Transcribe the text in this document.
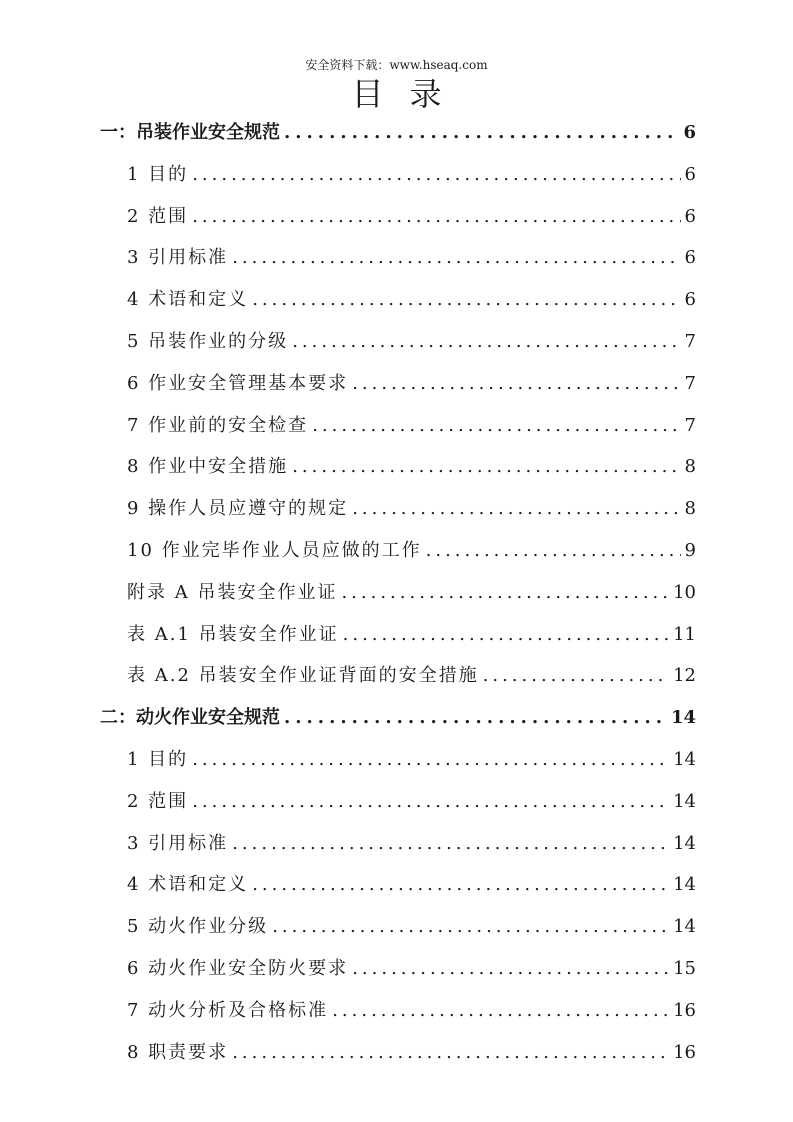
安全资料下载：www.hseaq.com
目录
一：吊装作业安全规范 .....	6
1 目的 .....	6
2 范围 .....	6
3 引用标准 .....	6
4 术语和定义 .....	6
5 吊装作业的分级 .....	7
6 作业安全管理基本要求 .....	7
7 作业前的安全检查 .....	7
8 作业中安全措施 .....	8
9 操作人员应遵守的规定 .....	8
10 作业完毕作业人员应做的工作 .....	9
附录 A 吊装安全作业证 .....	10
表 A.1 吊装安全作业证 .....	11
表 A.2 吊装安全作业证背面的安全措施 .....	12
二：动火作业安全规范 .....	14
1 目的 .....	14
2 范围 .....	14
3 引用标准 .....	14
4 术语和定义 .....	14
5 动火作业分级 .....	14
6 动火作业安全防火要求 .....	15
7 动火分析及合格标准 .....	16
8 职责要求 .....	16
